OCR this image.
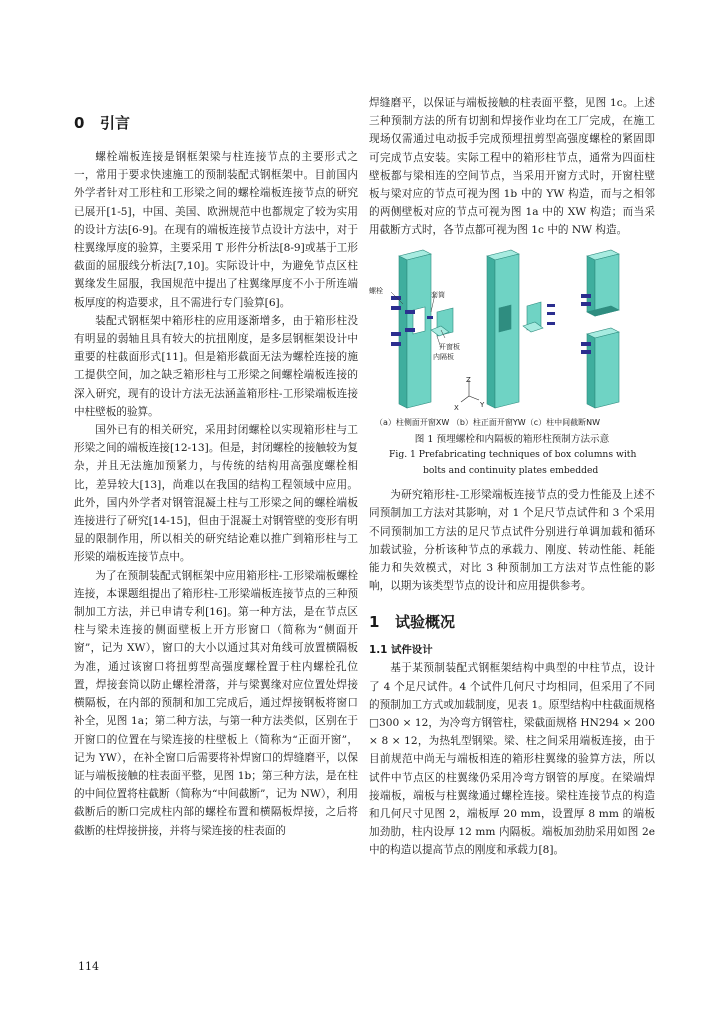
0 引言

螺栓端板连接是钢框架梁与柱连接节点的主要形式之一，常用于要求快速施工的预制装配式钢框架中。目前国内外学者针对工形柱和工形梁之间的螺栓端板连接节点的研究已展开[1-5]，中国、美国、欧洲规范中也都规定了较为实用的设计方法[6-9]。在现有的端板连接节点设计方法中，对于柱翼缘厚度的验算，主要采用 T 形件分析法[8-9]或基于工形截面的屈服线分析法[7,10]。实际设计中，为避免节点区柱翼缘发生屈服，我国规范中提出了柱翼缘厚度不小于所连端板厚度的构造要求，且不需进行专门验算[6]。

装配式钢框架中箱形柱的应用逐渐增多，由于箱形柱没有明显的弱轴且具有较大的抗扭刚度，是多层钢框架设计中重要的柱截面形式[11]。但是箱形截面无法为螺栓连接的施工提供空间，加之缺乏箱形柱与工形梁之间螺栓端板连接的深入研究，现有的设计方法无法涵盖箱形柱-工形梁端板连接中柱壁板的验算。

国外已有的相关研究，采用封闭螺栓以实现箱形柱与工形梁之间的端板连接[12-13]。但是，封闭螺栓的接触较为复杂，并且无法施加预紧力，与传统的结构用高强度螺栓相比，差异较大[13]，尚难以在我国的结构工程领域中应用。此外，国内外学者对钢管混凝土柱与工形梁之间的螺栓端板连接进行了研究[14-15]，但由于混凝土对钢管壁的变形有明显的限制作用，所以相关的研究结论难以推广到箱形柱与工形梁的端板连接节点中。

为了在预制装配式钢框架中应用箱形柱-工形梁端板螺栓连接，本课题组提出了箱形柱-工形梁端板连接节点的三种预制加工方法，并已申请专利[16]。第一种方法，是在节点区柱与梁未连接的侧面壁板上开方形窗口（简称为“侧面开窗”，记为 XW），窗口的大小以通过其对角线可放置横隔板为准，通过该窗口将扭剪型高强度螺栓置于柱内螺栓孔位置，焊接套筒以防止螺栓滑落，并与梁翼缘对应位置处焊接横隔板，在内部的预制和加工完成后，通过焊接钢板将窗口补全，见图 1a；第二种方法，与第一种方法类似，区别在于开窗口的位置在与梁连接的柱壁板上（简称为“正面开窗”，记为 YW），在补全窗口后需要将补焊窗口的焊缝磨平，以保证与端板接触的柱表面平整，见图 1b；第三种方法，是在柱的中间位置将柱截断（简称为“中间截断”，记为 NW），利用截断后的断口完成柱内部的螺栓布置和横隔板焊接，之后将截断的柱焊接拼接，并将与梁连接的柱表面的

焊缝磨平，以保证与端板接触的柱表面平整，见图 1c。上述三种预制方法的所有切割和焊接作业均在工厂完成，在施工现场仅需通过电动扳手完成预埋扭剪型高强度螺栓的紧固即可完成节点安装。实际工程中的箱形柱节点，通常为四面柱壁板都与梁相连的空间节点，当采用开窗方式时，开窗柱壁板与梁对应的节点可视为图 1b 中的 YW 构造，而与之相邻的两侧壁板对应的节点可视为图 1a 中的 XW 构造；而当采用截断方式时，各节点都可视为图 1c 中的 NW 构造。

螺栓	套筒
开窗板
内隔板
Z
X	Y
（a）柱侧面开窗XW （b）柱正面开窗YW（c）柱中间截断NW

图 1 预埋螺栓和内隔板的箱形柱预制方法示意

Fig. 1 Prefabricating techniques of box columns with
bolts and continuity plates embedded

为研究箱形柱-工形梁端板连接节点的受力性能及上述不同预制加工方法对其影响，对 1 个足尺节点试件和 3 个采用不同预制加工方法的足尺节点试件分别进行单调加载和循环加载试验，分析该种节点的承载力、刚度、转动性能、耗能能力和失效模式，对比 3 种预制加工方法对节点性能的影响，以期为该类型节点的设计和应用提供参考。

1 试验概况

1.1 试件设计

基于某预制装配式钢框架结构中典型的中柱节点，设计了 4 个足尺试件。4 个试件几何尺寸均相同，但采用了不同的预制加工方式或加载制度，见表 1。原型结构中柱截面规格□300 × 12，为冷弯方钢管柱，梁截面规格 HN294 × 200 × 8 × 12，为热轧型钢梁。梁、柱之间采用端板连接，由于目前规范中尚无与端板相连的箱形柱翼缘的验算方法，所以试件中节点区的柱翼缘仍采用冷弯方钢管的厚度。在梁端焊接端板，端板与柱翼缘通过螺栓连接。梁柱连接节点的构造和几何尺寸见图 2，端板厚 20 mm，设置厚 8 mm 的端板加劲肋，柱内设厚 12 mm 内隔板。端板加劲肋采用如图 2e 中的构造以提高节点的刚度和承载力[8]。

114
